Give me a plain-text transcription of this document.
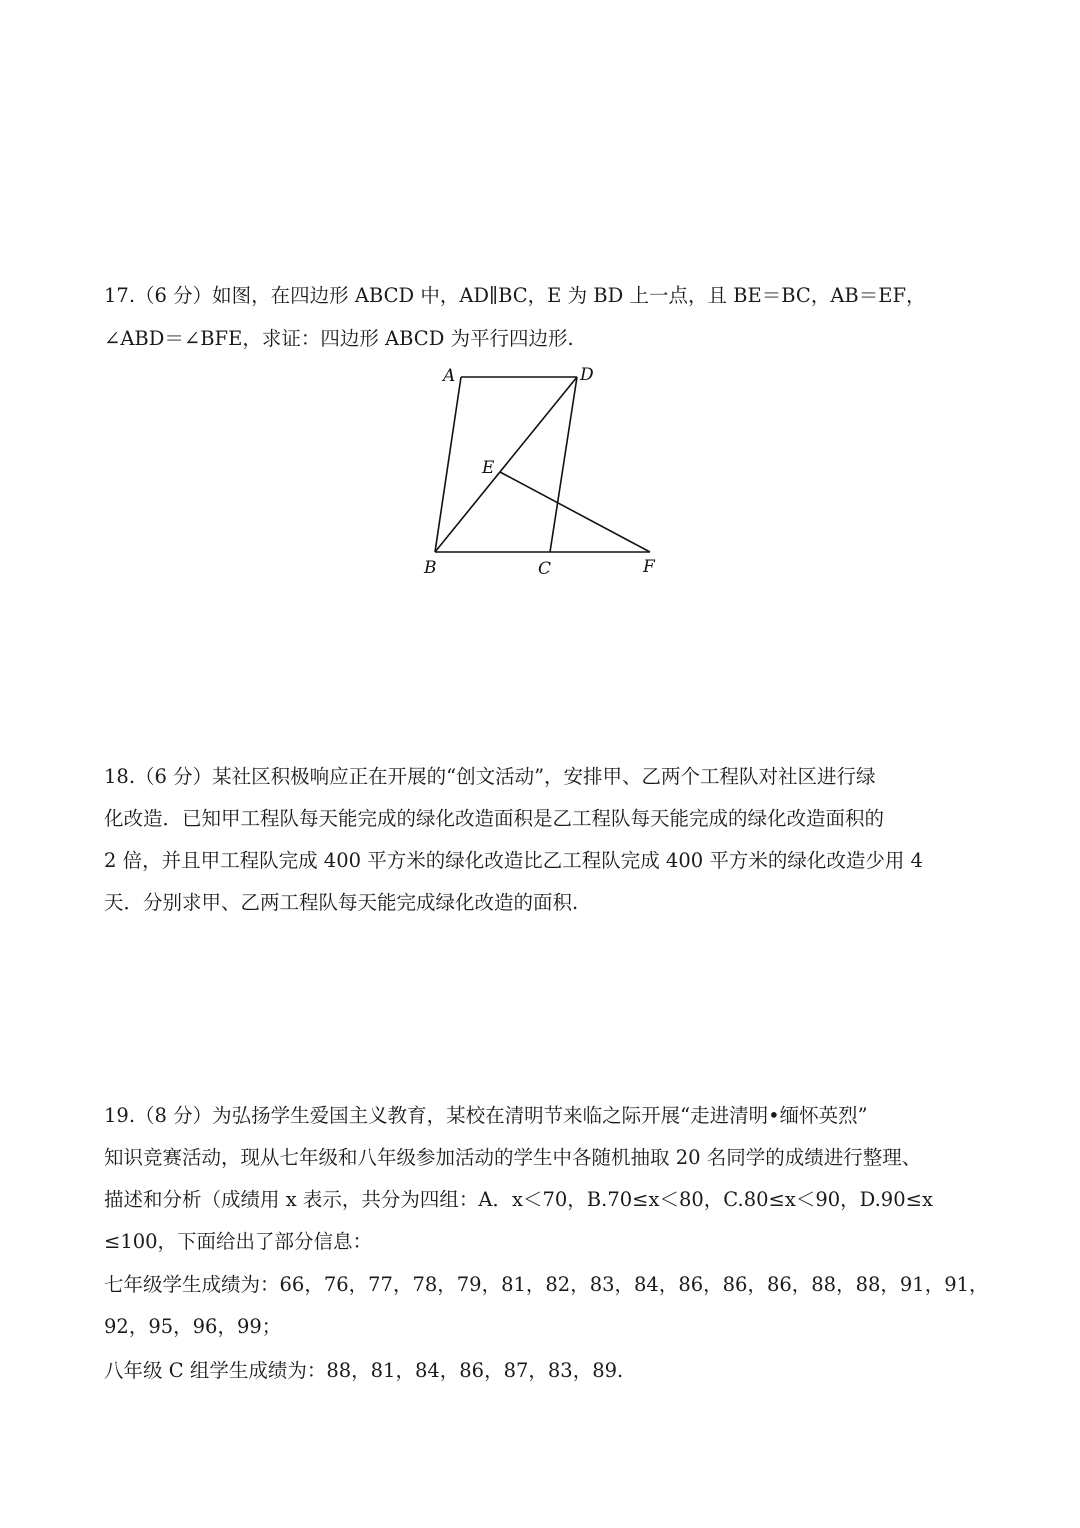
17.（6 分）如图，在四边形 ABCD 中，AD∥BC，E 为 BD 上一点，且 BE＝BC，AB＝EF，
∠ABD＝∠BFE，求证：四边形 ABCD 为平行四边形.
A	D
E
B	C	F
18.（6 分）某社区积极响应正在开展的“创文活动”，安排甲、乙两个工程队对社区进行绿
化改造．已知甲工程队每天能完成的绿化改造面积是乙工程队每天能完成的绿化改造面积的
2 倍，并且甲工程队完成 400 平方米的绿化改造比乙工程队完成 400 平方米的绿化改造少用 4
天．分别求甲、乙两工程队每天能完成绿化改造的面积.
19.（8 分）为弘扬学生爱国主义教育，某校在清明节来临之际开展“走进清明•缅怀英烈”
知识竞赛活动，现从七年级和八年级参加活动的学生中各随机抽取 20 名同学的成绩进行整理、
描述和分析（成绩用 x 表示，共分为四组：A．x＜70，B.70≤x＜80，C.80≤x＜90，D.90≤x
≤100，下面给出了部分信息：
七年级学生成绩为：66，76，77，78，79，81，82，83，84，86，86，86，88，88，91，91，
92，95，96，99；
八年级 C 组学生成绩为：88，81，84，86，87，83，89.
